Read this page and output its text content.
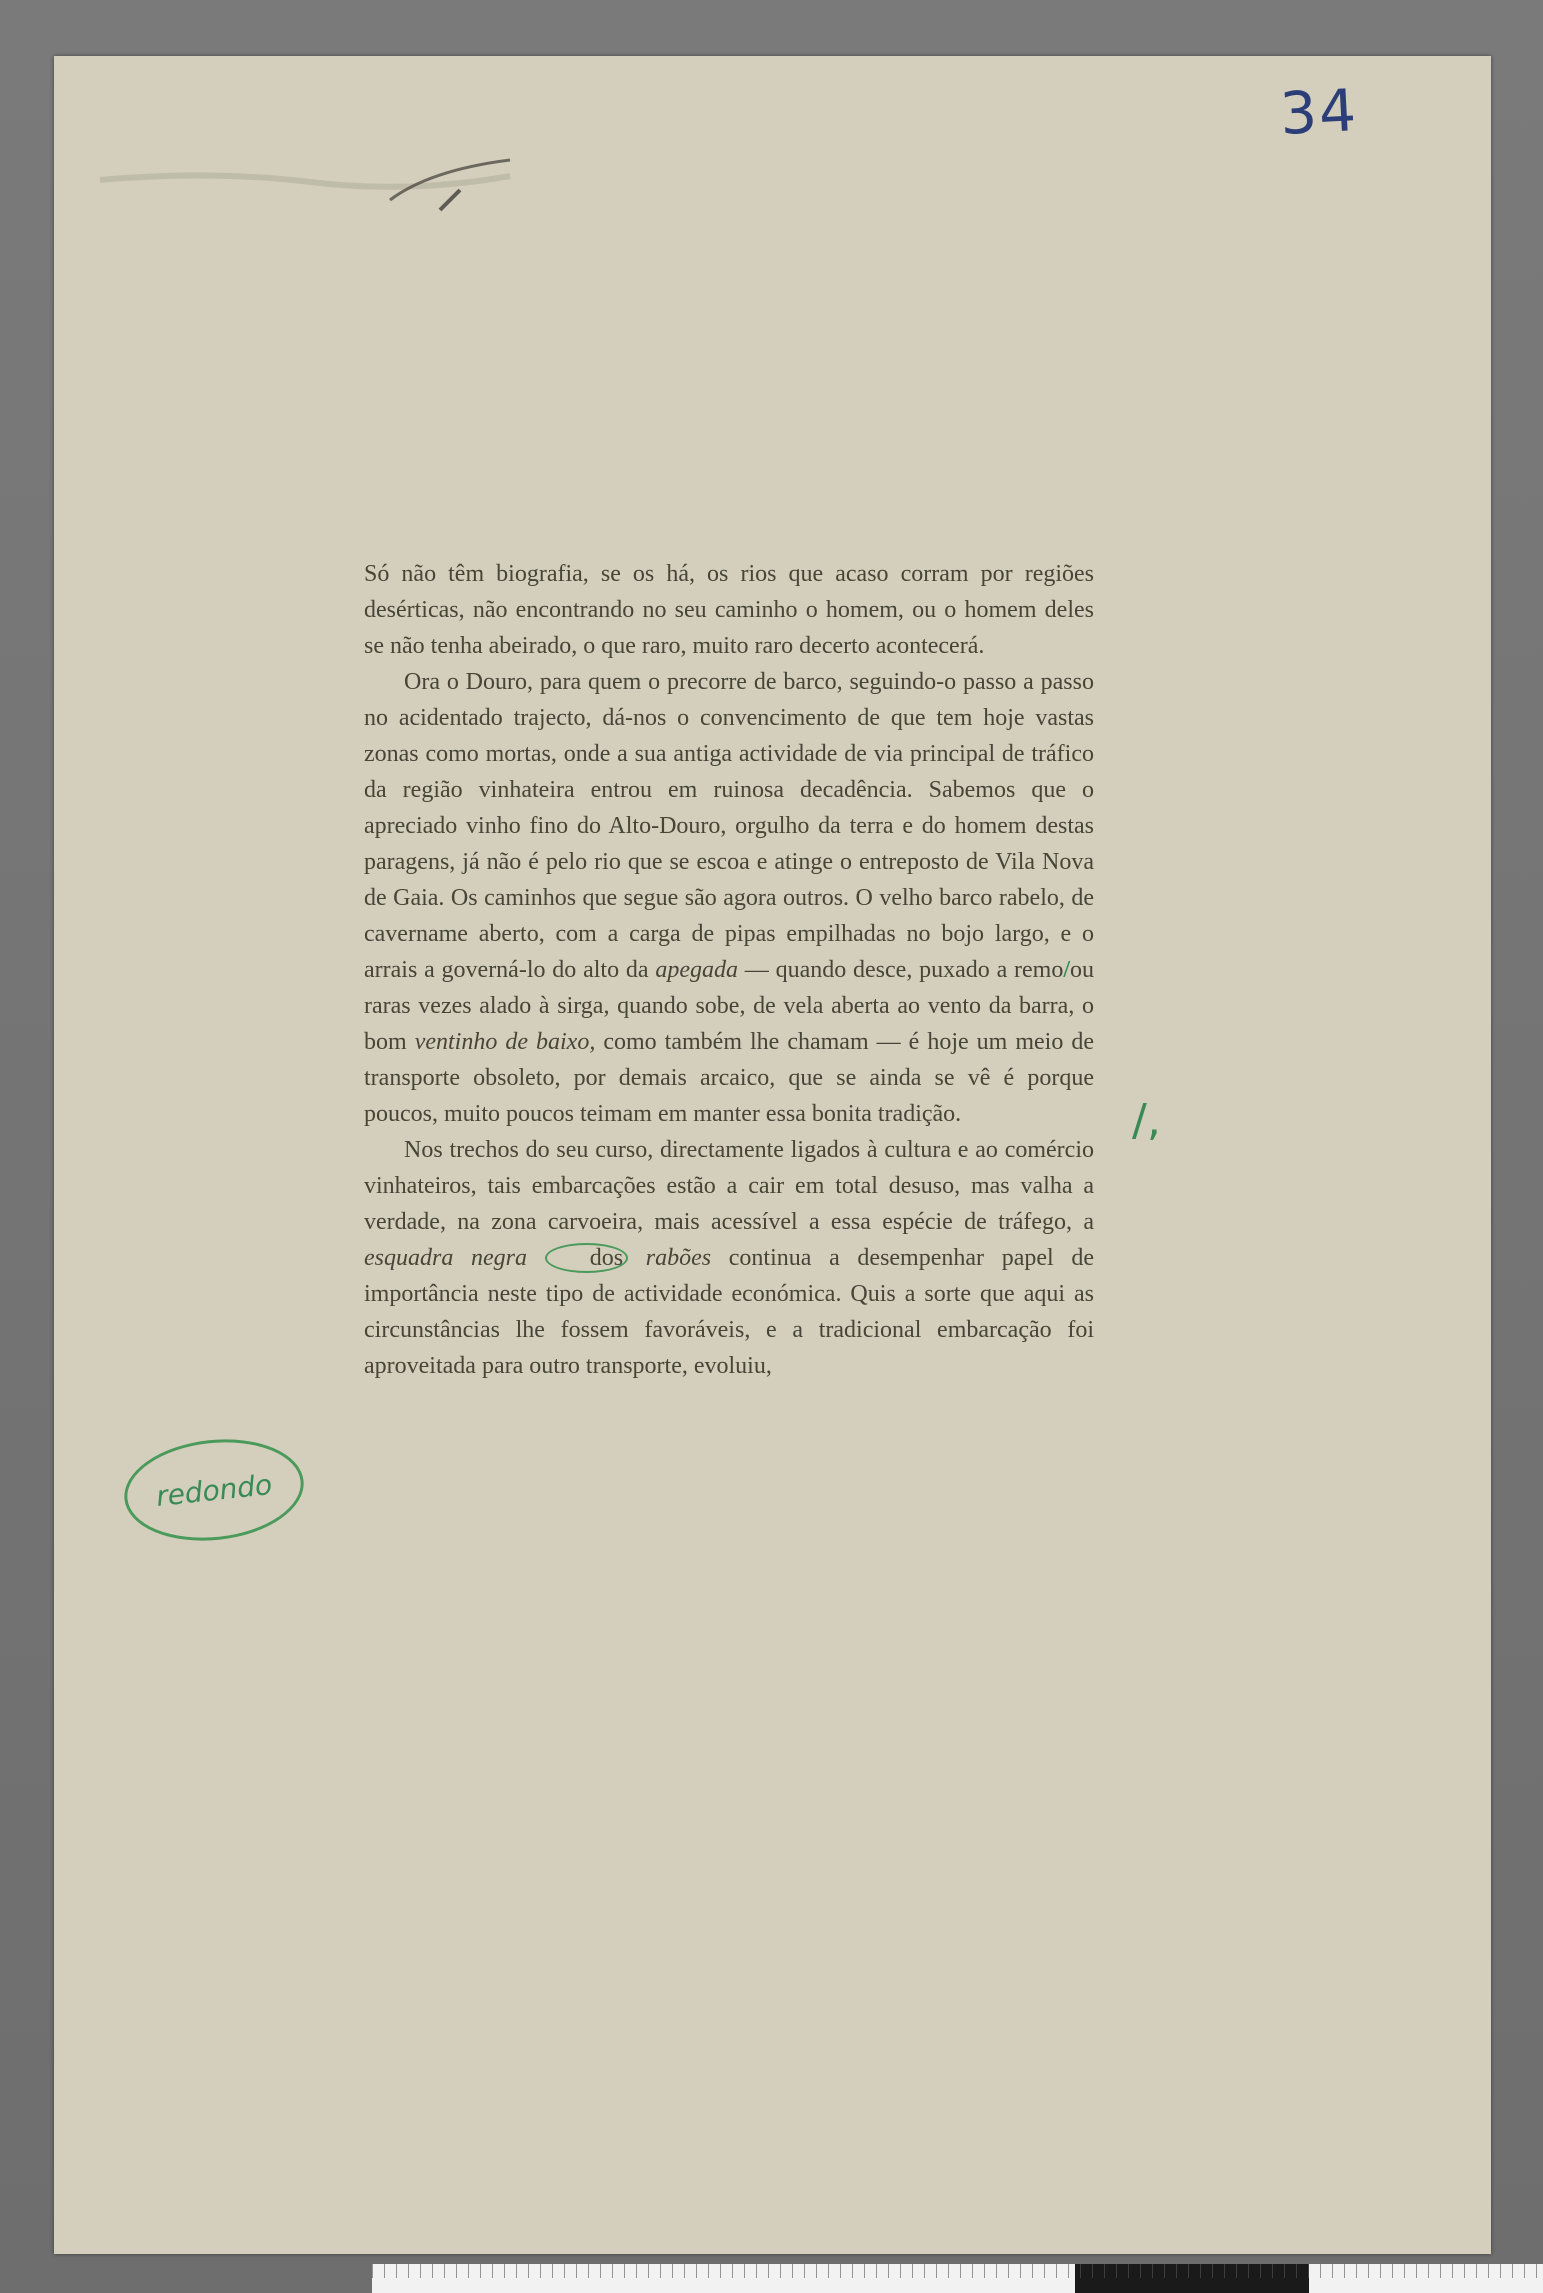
34

Só não têm biografia, se os há, os rios que acaso corram por regiões desérticas, não encontrando no seu caminho o homem, ou o homem deles se não tenha abeirado, o que raro, muito raro decerto acontecerá.

Ora o Douro, para quem o precorre de barco, seguindo-o passo a passo no acidentado trajecto, dá-nos o convencimento de que tem hoje vastas zonas como mortas, onde a sua antiga actividade de via principal de tráfico da região vinhateira entrou em ruinosa decadência. Sabemos que o apreciado vinho fino do Alto-Douro, orgulho da terra e do homem destas paragens, já não é pelo rio que se escoa e atinge o entreposto de Vila Nova de Gaia. Os caminhos que segue são agora outros. O velho barco rabelo, de cavername aberto, com a carga de pipas empilhadas no bojo largo, e o arrais a governá-lo do alto da apegada — quando desce, puxado a remo/ou raras vezes alado à sirga, quando sobe, de vela aberta ao vento da barra, o bom ventinho de baixo, como também lhe chamam — é hoje um meio de transporte obsoleto, por demais arcaico, que se ainda se vê é porque poucos, muito poucos teimam em manter essa bonita tradição.

Nos trechos do seu curso, directamente ligados à cultura e ao comércio vinhateiros, tais embarcações estão a cair em total desuso, mas valha a verdade, na zona carvoeira, mais acessível a essa espécie de tráfego, a esquadra negra	dos rabões continua a desempenhar papel de importância neste tipo de actividade económica. Quis a sorte que aqui as circunstâncias lhe fossem favoráveis, e a tradicional embarcação foi aproveitada para outro transporte, evoluiu,

/,
redondo
